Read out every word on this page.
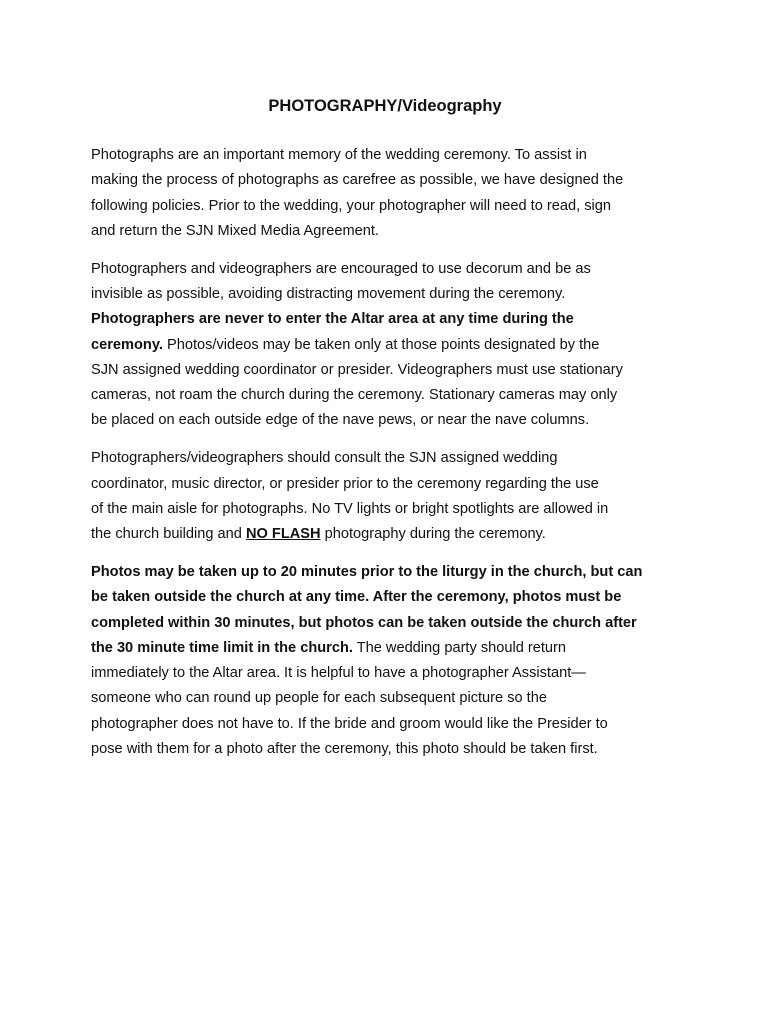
PHOTOGRAPHY/Videography
Photographs are an important memory of the wedding ceremony. To assist in
making the process of photographs as carefree as possible, we have designed the
following policies. Prior to the wedding, your photographer will need to read, sign
and return the SJN Mixed Media Agreement.
Photographers and videographers are encouraged to use decorum and be as
invisible as possible, avoiding distracting movement during the ceremony.
Photographers are never to enter the Altar area at any time during the
ceremony. Photos/videos may be taken only at those points designated by the
SJN assigned wedding coordinator or presider. Videographers must use stationary
cameras, not roam the church during the ceremony. Stationary cameras may only
be placed on each outside edge of the nave pews, or near the nave columns.
Photographers/videographers should consult the SJN assigned wedding
coordinator, music director, or presider prior to the ceremony regarding the use
of the main aisle for photographs. No TV lights or bright spotlights are allowed in
the church building and NO FLASH photography during the ceremony.
Photos may be taken up to 20 minutes prior to the liturgy in the church, but can
be taken outside the church at any time. After the ceremony, photos must be
completed within 30 minutes, but photos can be taken outside the church after
the 30 minute time limit in the church. The wedding party should return
immediately to the Altar area. It is helpful to have a photographer Assistant—
someone who can round up people for each subsequent picture so the
photographer does not have to. If the bride and groom would like the Presider to
pose with them for a photo after the ceremony, this photo should be taken first.
